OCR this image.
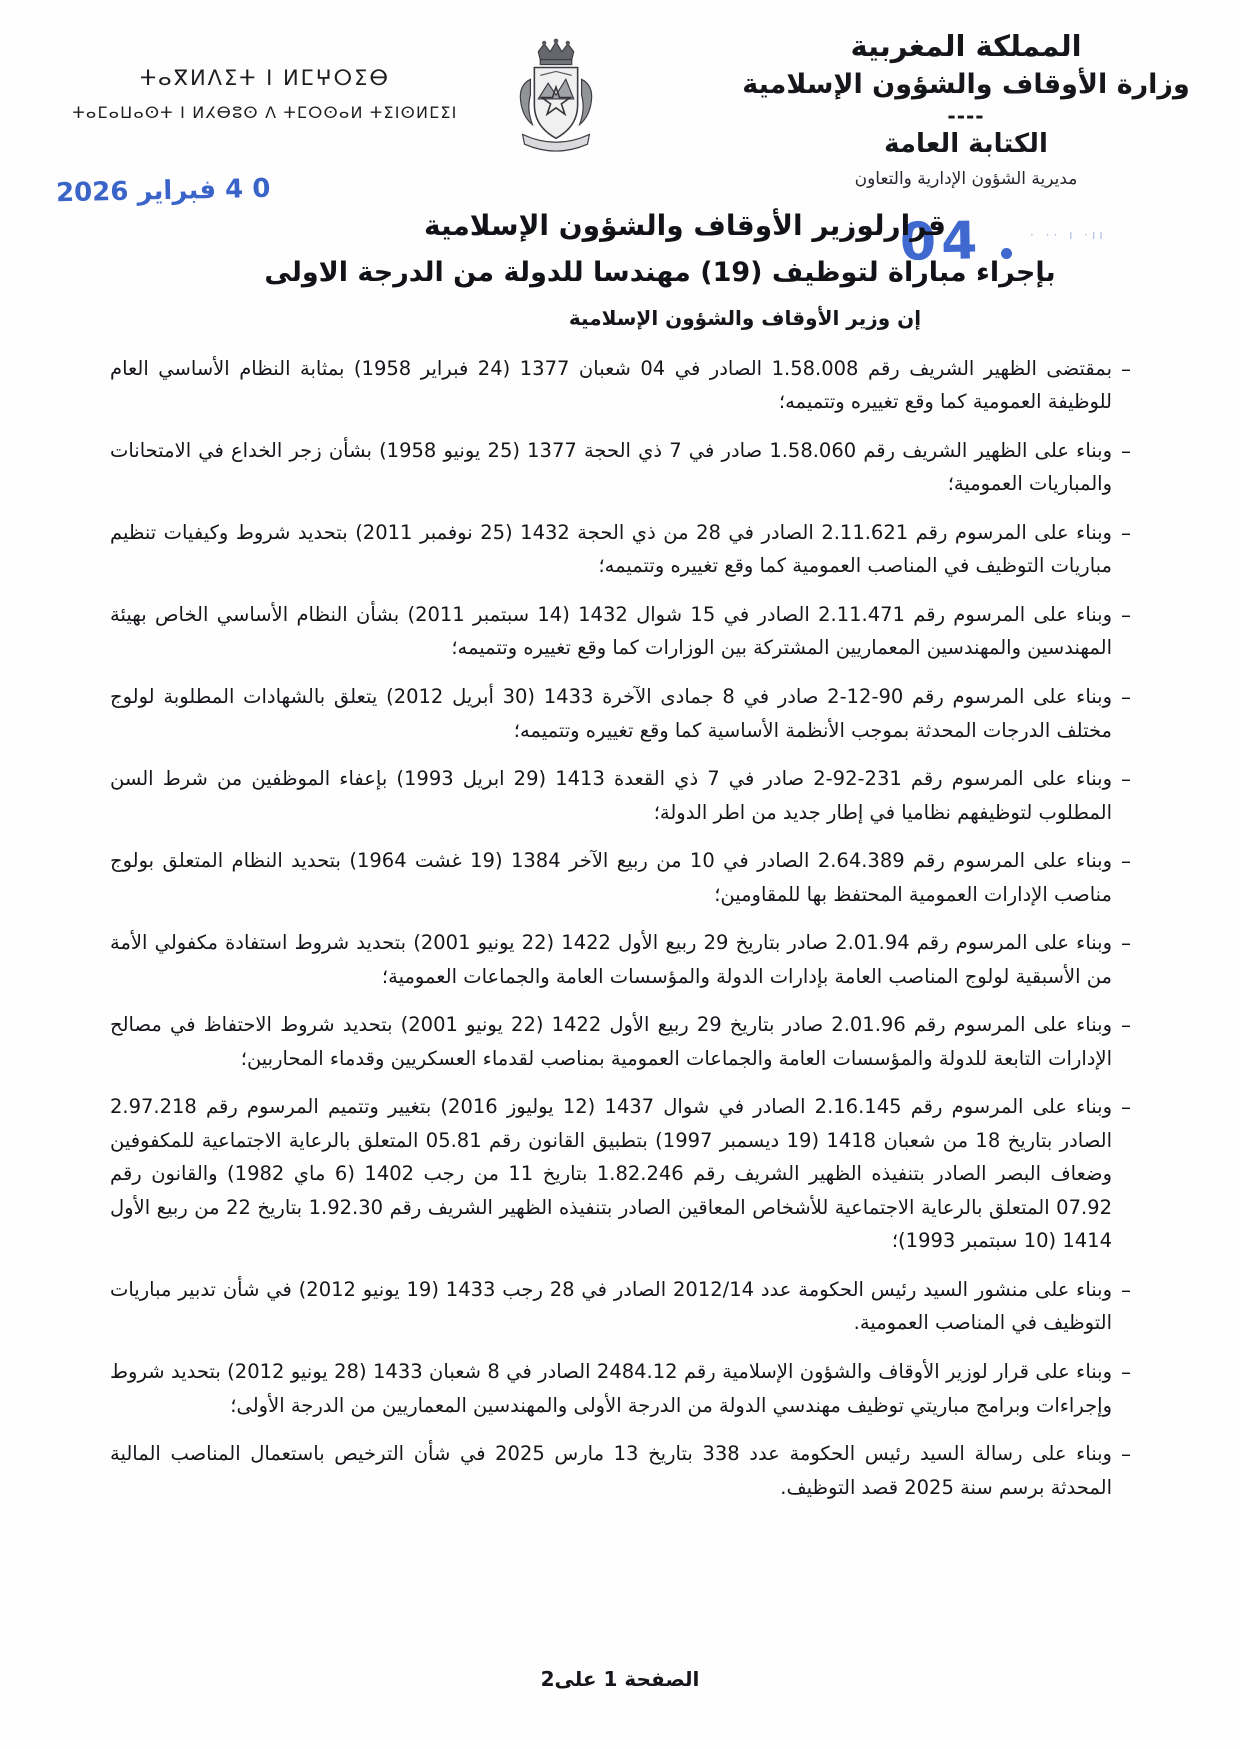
ⵜⴰⴳⵍⴷⵉⵜ ⵏ ⵍⵎⵖⵔⵉⴱ
ⵜⴰⵎⴰⵡⴰⵙⵜ ⵏ ⵍⵃⴱⵓⵙ ⴷ ⵜⵎⵔⵙⴰⵍ ⵜⵉⵏⵙⵍⵎⵉⵏ
المملكة المغربية
وزارة الأوقاف والشؤون الإسلامية
----
الكتابة العامة
مديرية الشؤون الإدارية والتعاون
0 4 فبراير 2026
04	· ·· ı ·ıı
قرارلوزير الأوقاف والشؤون الإسلامية
بإجراء مباراة لتوظيف (19) مهندسا للدولة من الدرجة الاولى
إن وزير الأوقاف والشؤون الإسلامية
–
بمقتضى الظهير الشريف رقم 1.58.008 الصادر في 04 شعبان 1377 (24 فبراير 1958) بمثابة النظام الأساسي العام للوظيفة العمومية كما وقع تغييره وتتميمه؛
–
وبناء على الظهير الشريف رقم 1.58.060 صادر في 7 ذي الحجة 1377 (25 يونيو 1958) بشأن زجر الخداع في الامتحانات والمباريات العمومية؛
–
وبناء على المرسوم رقم 2.11.621 الصادر في 28 من ذي الحجة 1432 (25 نوفمبر 2011) بتحديد شروط وكيفيات تنظيم مباريات التوظيف في المناصب العمومية كما وقع تغييره وتتميمه؛
–
وبناء على المرسوم رقم 2.11.471 الصادر في 15 شوال 1432 (14 سبتمبر 2011) بشأن النظام الأساسي الخاص بهيئة المهندسين والمهندسين المعماريين المشتركة بين الوزارات كما وقع تغييره وتتميمه؛
–
وبناء على المرسوم رقم 90-12-2 صادر في 8 جمادى الآخرة 1433 (30 أبريل 2012) يتعلق بالشهادات المطلوبة لولوج مختلف الدرجات المحدثة بموجب الأنظمة الأساسية كما وقع تغييره وتتميمه؛
–
وبناء على المرسوم رقم 231-92-2 صادر في 7 ذي القعدة 1413 (29 ابريل 1993) بإعفاء الموظفين من شرط السن المطلوب لتوظيفهم نظاميا في إطار جديد من اطر الدولة؛
–
وبناء على المرسوم رقم 2.64.389 الصادر في 10 من ربيع الآخر 1384 (19 غشت 1964) بتحديد النظام المتعلق بولوج مناصب الإدارات العمومية المحتفظ بها للمقاومين؛
–
وبناء على المرسوم رقم 2.01.94 صادر بتاريخ 29 ربيع الأول 1422 (22 يونيو 2001) بتحديد شروط استفادة مكفولي الأمة من الأسبقية لولوج المناصب العامة بإدارات الدولة والمؤسسات العامة والجماعات العمومية؛
–
وبناء على المرسوم رقم 2.01.96 صادر بتاريخ 29 ربيع الأول 1422 (22 يونيو 2001) بتحديد شروط الاحتفاظ في مصالح الإدارات التابعة للدولة والمؤسسات العامة والجماعات العمومية بمناصب لقدماء العسكريين وقدماء المحاربين؛
–
وبناء على المرسوم رقم 2.16.145 الصادر في شوال 1437 (12 يوليوز 2016) بتغيير وتتميم المرسوم رقم 2.97.218 الصادر بتاريخ 18 من شعبان 1418 (19 ديسمبر 1997) بتطبيق القانون رقم 05.81 المتعلق بالرعاية الاجتماعية للمكفوفين وضعاف البصر الصادر بتنفيذه الظهير الشريف رقم 1.82.246 بتاريخ 11 من رجب 1402 (6 ماي 1982) والقانون رقم 07.92 المتعلق بالرعاية الاجتماعية للأشخاص المعاقين الصادر بتنفيذه الظهير الشريف رقم 1.92.30 بتاريخ 22 من ربيع الأول 1414 (10 سبتمبر 1993)؛
–
وبناء على منشور السيد رئيس الحكومة عدد 2012/14 الصادر في 28 رجب 1433 (19 يونيو 2012) في شأن تدبير مباريات التوظيف في المناصب العمومية.
–
وبناء على قرار لوزير الأوقاف والشؤون الإسلامية رقم 2484.12 الصادر في 8 شعبان 1433 (28 يونيو 2012) بتحديد شروط وإجراءات وبرامج مباريتي توظيف مهندسي الدولة من الدرجة الأولى والمهندسين المعماريين من الدرجة الأولى؛
–
وبناء على رسالة السيد رئيس الحكومة عدد 338 بتاريخ 13 مارس 2025 في شأن الترخيص باستعمال المناصب المالية المحدثة برسم سنة 2025 قصد التوظيف.
الصفحة 1 على2
